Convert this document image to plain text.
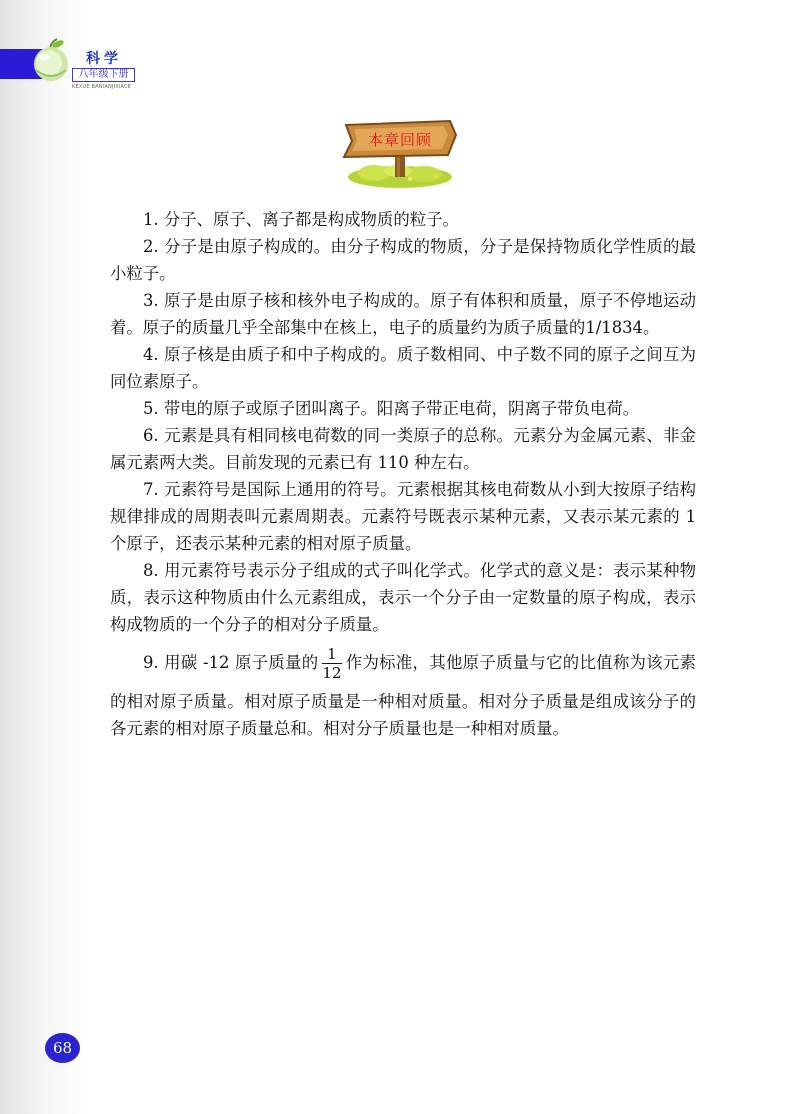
科学
八年级下册
KEXUE BANIANJIXIACE
本章回顾

1. 分子、原子、离子都是构成物质的粒子。

2. 分子是由原子构成的。由分子构成的物质，分子是保持物质化学性质的最小粒子。

3. 原子是由原子核和核外电子构成的。原子有体积和质量，原子不停地运动着。原子的质量几乎全部集中在核上，电子的质量约为质子质量的1/1834。

4. 原子核是由质子和中子构成的。质子数相同、中子数不同的原子之间互为同位素原子。

5. 带电的原子或原子团叫离子。阳离子带正电荷，阴离子带负电荷。

6. 元素是具有相同核电荷数的同一类原子的总称。元素分为金属元素、非金属元素两大类。目前发现的元素已有 110 种左右。

7. 元素符号是国际上通用的符号。元素根据其核电荷数从小到大按原子结构规律排成的周期表叫元素周期表。元素符号既表示某种元素，又表示某元素的 1 个原子，还表示某种元素的相对原子质量。

8. 用元素符号表示分子组成的式子叫化学式。化学式的意义是：表示某种物质，表示这种物质由什么元素组成，表示一个分子由一定数量的原子构成，表示构成物质的一个分子的相对分子质量。

9. 用碳 -12 原子质量的 $\frac{1}{12}$ 作为标准，其他原子质量与它的比值称为该元素的相对原子质量。相对原子质量是一种相对质量。相对分子质量是组成该分子的各元素的相对原子质量总和。相对分子质量也是一种相对质量。

68
